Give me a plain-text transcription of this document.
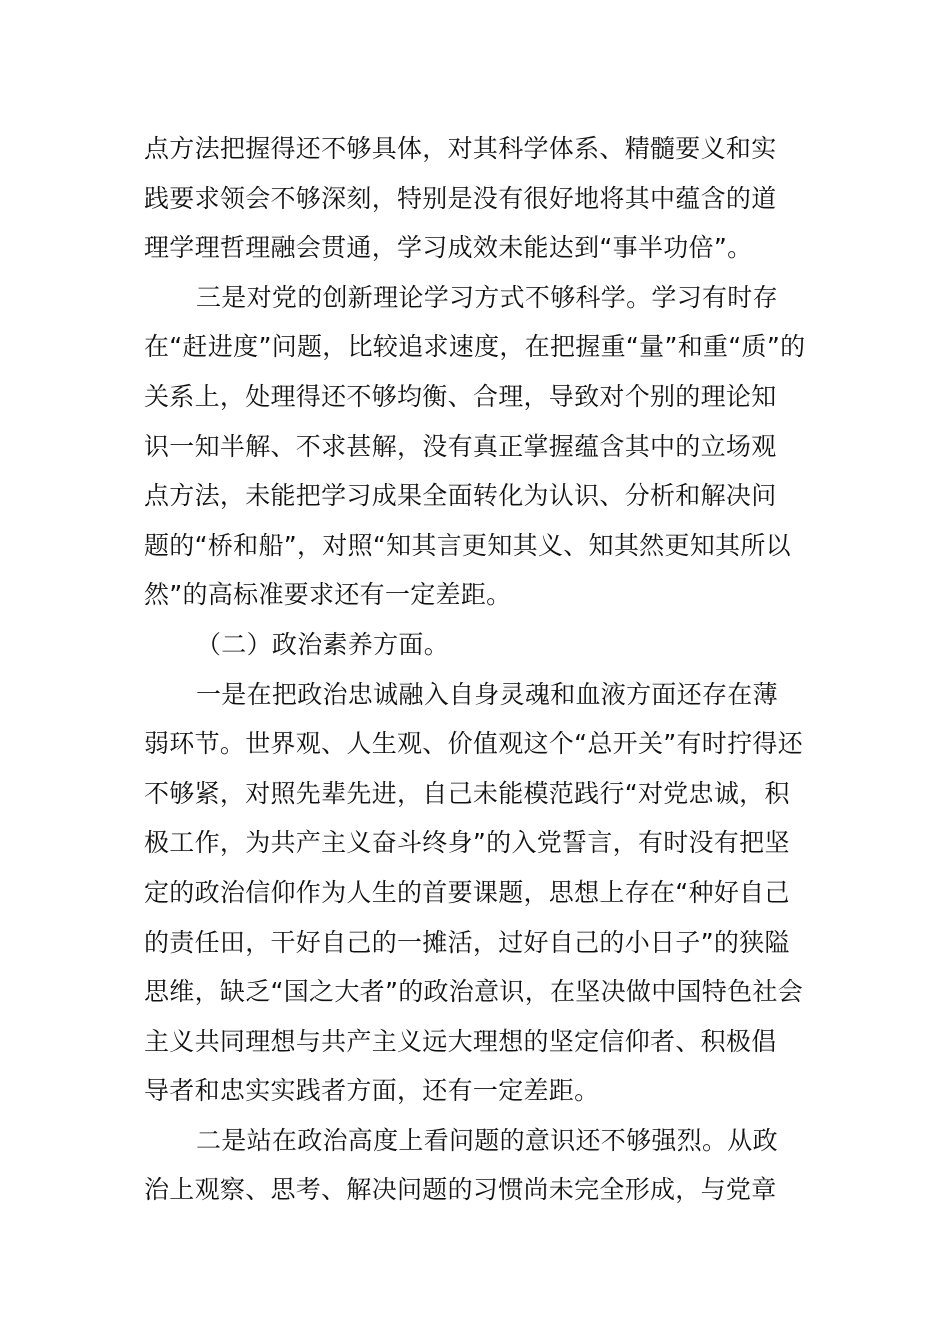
点方法把握得还不够具体，对其科学体系、精髓要义和实
践要求领会不够深刻，特别是没有很好地将其中蕴含的道
理学理哲理融会贯通，学习成效未能达到“事半功倍”。
三是对党的创新理论学习方式不够科学。学习有时存
在“赶进度”问题，比较追求速度，在把握重“量”和重“质”的
关系上，处理得还不够均衡、合理，导致对个别的理论知
识一知半解、不求甚解，没有真正掌握蕴含其中的立场观
点方法，未能把学习成果全面转化为认识、分析和解决问
题的“桥和船”，对照“知其言更知其义、知其然更知其所以
然”的高标准要求还有一定差距。
（二）政治素养方面。
一是在把政治忠诚融入自身灵魂和血液方面还存在薄
弱环节。世界观、人生观、价值观这个“总开关”有时拧得还
不够紧，对照先辈先进，自己未能模范践行“对党忠诚，积
极工作，为共产主义奋斗终身”的入党誓言，有时没有把坚
定的政治信仰作为人生的首要课题，思想上存在“种好自己
的责任田，干好自己的一摊活，过好自己的小日子”的狭隘
思维，缺乏“国之大者”的政治意识，在坚决做中国特色社会
主义共同理想与共产主义远大理想的坚定信仰者、积极倡
导者和忠实实践者方面，还有一定差距。
二是站在政治高度上看问题的意识还不够强烈。从政
治上观察、思考、解决问题的习惯尚未完全形成，与党章
